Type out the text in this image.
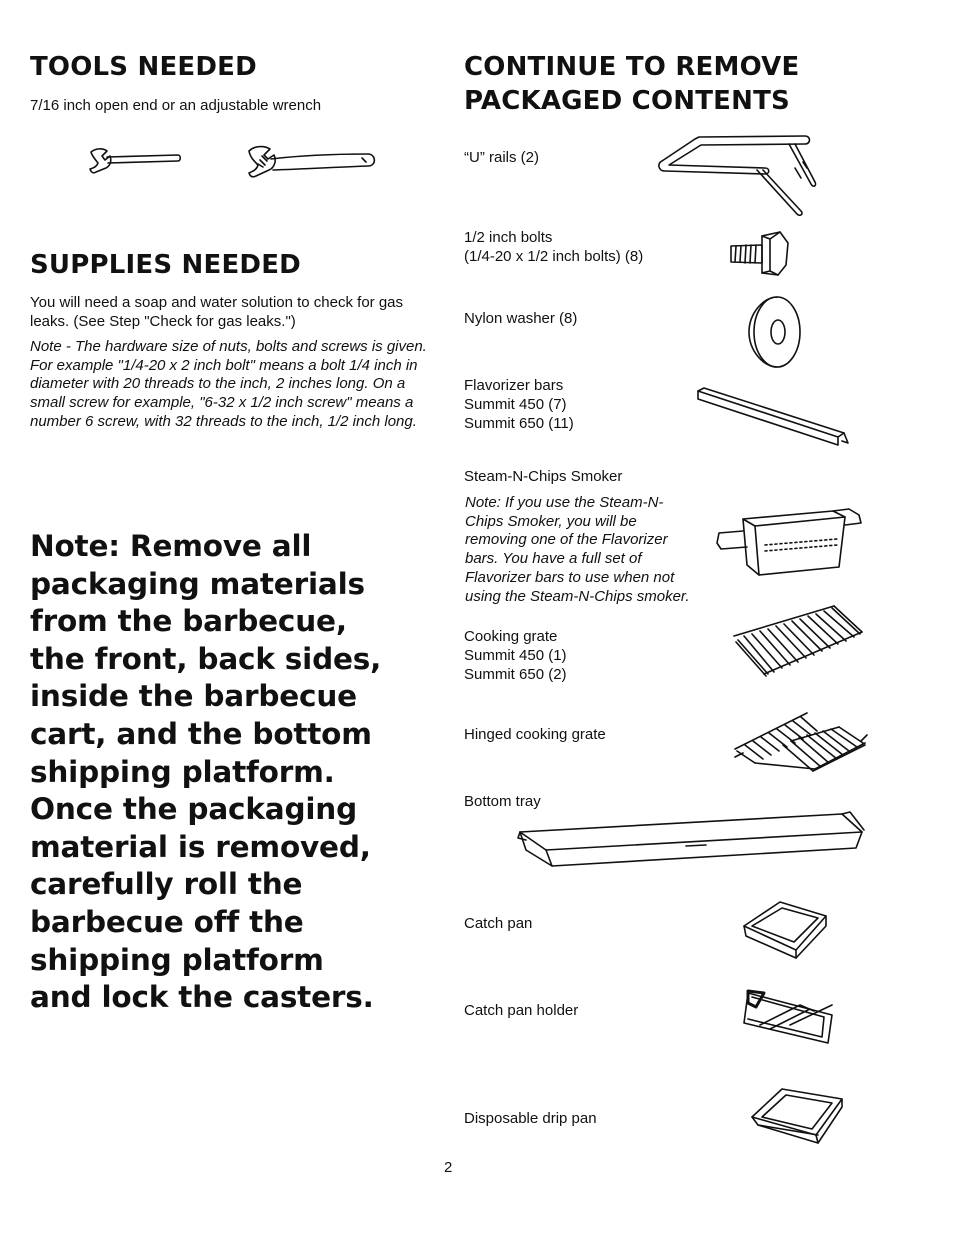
TOOLS NEEDED

7/16 inch open end or an adjustable wrench

SUPPLIES NEEDED

You will need a soap and water solution to check for gas leaks. (See Step "Check for gas leaks.")

Note - The hardware size of nuts, bolts and screws is given. For example "1/4-20 x 2 inch bolt" means a bolt 1/4 inch in diameter with 20 threads to the inch, 2 inches long. On a small screw for example, "6-32 x 1/2 inch screw" means a number 6 screw, with 32 threads to the inch, 1/2 inch long.

Note: Remove all
packaging materials
from the barbecue,
the front, back sides,
inside the barbecue
cart, and the bottom
shipping platform.
Once the packaging
material is removed,
carefully roll the
barbecue off the
shipping platform
and lock the casters.
CONTINUE TO REMOVE
PACKAGED CONTENTS
“U” rails (2)
1/2 inch bolts
(1/4-20 x 1/2 inch bolts) (8)
Nylon washer (8)
Flavorizer bars
Summit 450 (7)
Summit 650 (11)
Steam-N-Chips Smoker
Note: If you use the Steam-N-
Chips Smoker, you will be
removing one of the Flavorizer
bars. You have a full set of
Flavorizer bars to use when not
using the Steam-N-Chips smoker.
Cooking grate
Summit 450 (1)
Summit 650 (2)
Hinged cooking grate
Bottom tray
Catch pan
Catch pan holder
Disposable drip pan
2
